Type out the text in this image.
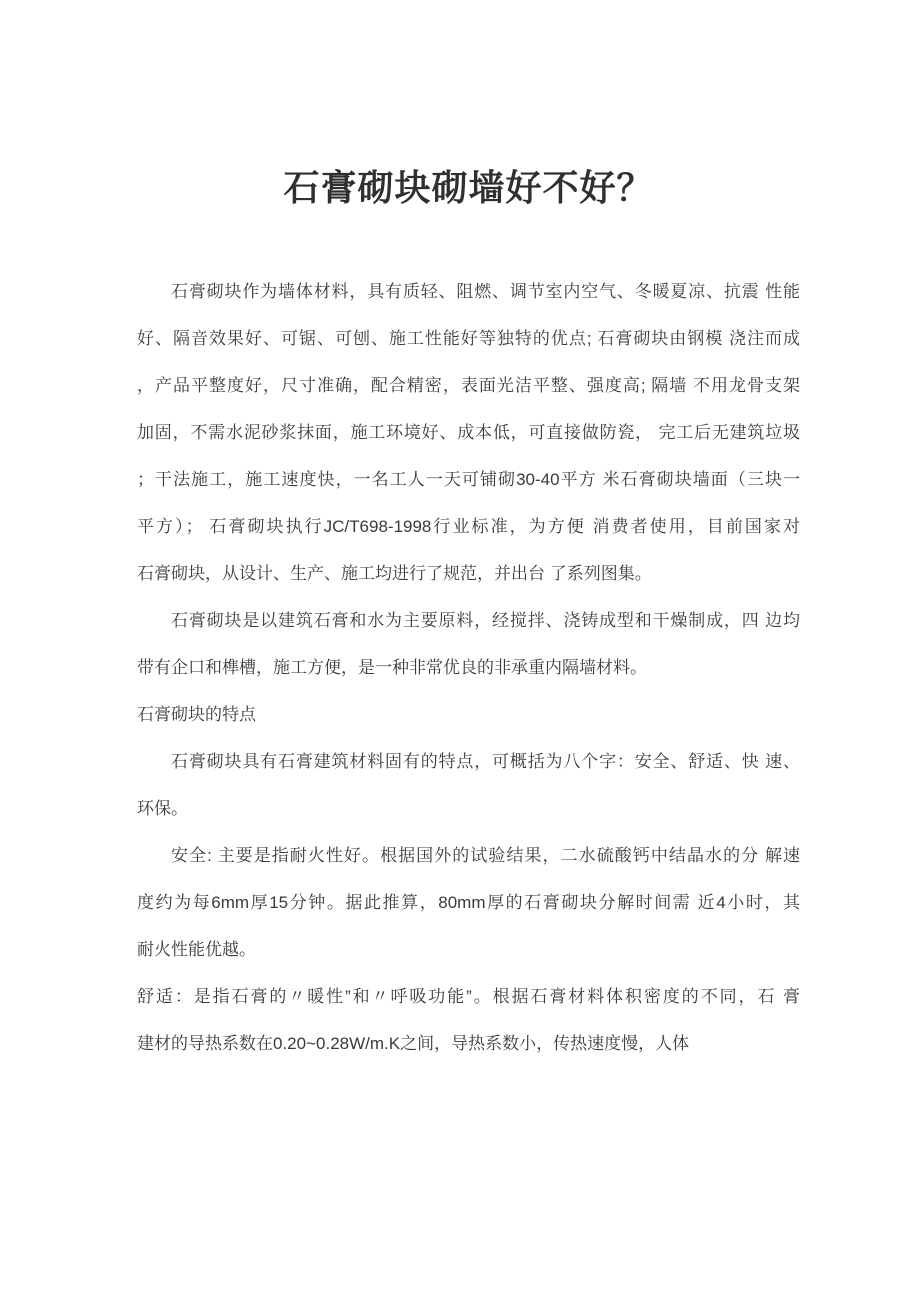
石膏砌块砌墙好不好？
石膏砌块作为墙体材料，具有质轻、阻燃、调节室内空气、冬暖夏凉、抗震 性能
好、隔音效果好、可锯、可刨、施工性能好等独特的优点; 石膏砌块由钢模 浇注而成
，产品平整度好，尺寸准确，配合精密，表面光洁平整、强度高; 隔墙 不用龙骨支架
加固，不需水泥砂浆抹面，施工环境好、成本低，可直接做防瓷， 完工后无建筑垃圾
；干法施工，施工速度快，一名工人一天可铺砌30-40平方 米石膏砌块墙面（三块一
平方）； 石膏砌块执行JC/T698-1998行业标准，为方便 消费者使用，目前国家对
石膏砌块，从设计、生产、施工均进行了规范，并出台 了系列图集。
石膏砌块是以建筑石膏和水为主要原料，经搅拌、浇铸成型和干燥制成，四 边均
带有企口和榫槽，施工方便，是一种非常优良的非承重内隔墙材料。
石膏砌块的特点
石膏砌块具有石膏建筑材料固有的特点，可概括为八个字：安全、舒适、快 速、
环保。
安全: 主要是指耐火性好。根据国外的试验结果，二水硫酸钙中结晶水的分 解速
度约为每6mm厚15分钟。据此推算，80mm厚的石膏砌块分解时间需 近4小时，其
耐火性能优越。
舒适：是指石膏的〃暖性”和〃呼吸功能”。根据石膏材料体积密度的不同，石 膏
建材的导热系数在0.20~0.28W/m.K之间，导热系数小，传热速度慢，人体
